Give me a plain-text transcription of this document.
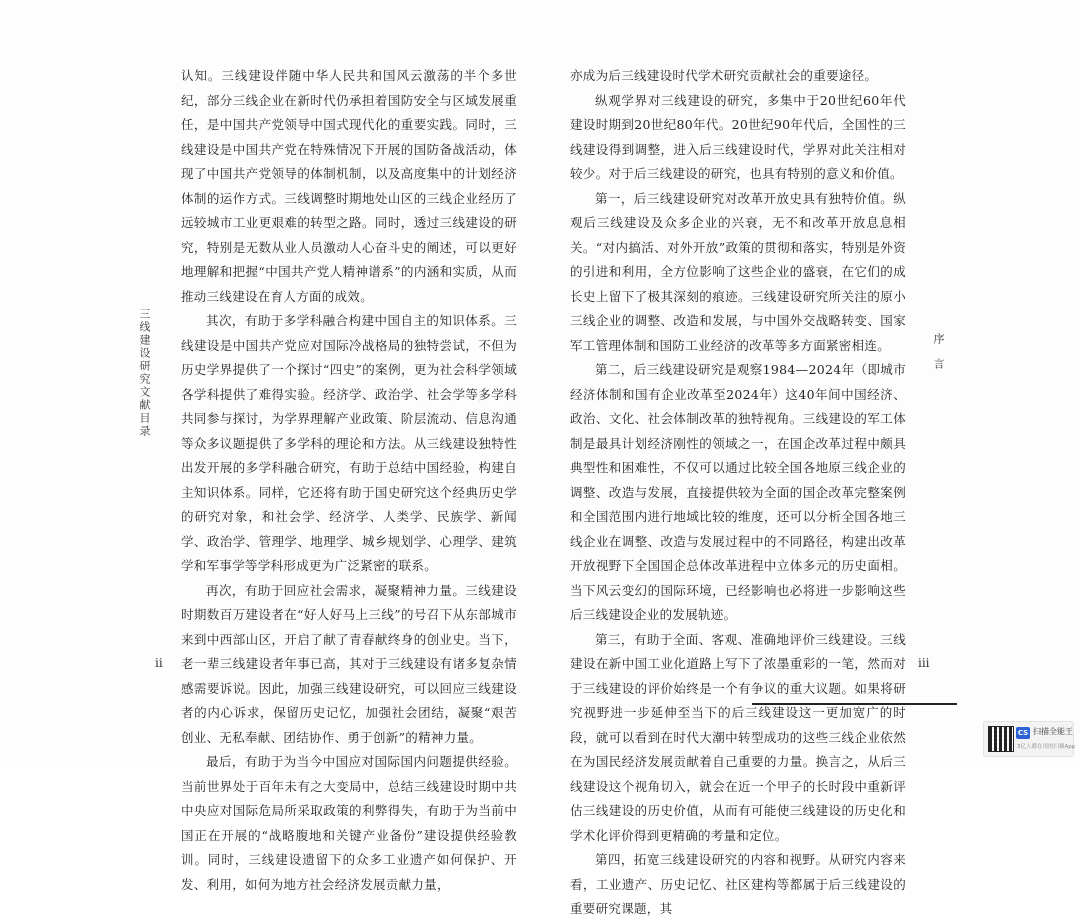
三线建设研究文献目录

认知。三线建设伴随中华人民共和国风云激荡的半个多世纪，部分三线企业在新时代仍承担着国防安全与区域发展重任，是中国共产党领导中国式现代化的重要实践。同时，三线建设是中国共产党在特殊情况下开展的国防备战活动，体现了中国共产党领导的体制机制，以及高度集中的计划经济体制的运作方式。三线调整时期地处山区的三线企业经历了远较城市工业更艰难的转型之路。同时，透过三线建设的研究，特别是无数从业人员激动人心奋斗史的阐述，可以更好地理解和把握“中国共产党人精神谱系”的内涵和实质，从而推动三线建设在育人方面的成效。

其次，有助于多学科融合构建中国自主的知识体系。三线建设是中国共产党应对国际冷战格局的独特尝试，不但为历史学界提供了一个探讨“四史”的案例，更为社会科学领域各学科提供了难得实验。经济学、政治学、社会学等多学科共同参与探讨，为学界理解产业政策、阶层流动、信息沟通等众多议题提供了多学科的理论和方法。从三线建设独特性出发开展的多学科融合研究，有助于总结中国经验，构建自主知识体系。同样，它还将有助于国史研究这个经典历史学的研究对象，和社会学、经济学、人类学、民族学、新闻学、政治学、管理学、地理学、城乡规划学、心理学、建筑学和军事学等学科形成更为广泛紧密的联系。

再次，有助于回应社会需求，凝聚精神力量。三线建设时期数百万建设者在“好人好马上三线”的号召下从东部城市来到中西部山区，开启了献了青春献终身的创业史。当下，老一辈三线建设者年事已高，其对于三线建设有诸多复杂情感需要诉说。因此，加强三线建设研究，可以回应三线建设者的内心诉求，保留历史记忆，加强社会团结，凝聚“艰苦创业、无私奉献、团结协作、勇于创新”的精神力量。

最后，有助于为当今中国应对国际国内问题提供经验。当前世界处于百年未有之大变局中，总结三线建设时期中共中央应对国际危局所采取政策的利弊得失，有助于为当前中国正在开展的“战略腹地和关键产业备份”建设提供经验教训。同时，三线建设遗留下的众多工业遗产如何保护、开发、利用，如何为地方社会经济发展贡献力量，

ii

亦成为后三线建设时代学术研究贡献社会的重要途径。

纵观学界对三线建设的研究，多集中于20世纪60年代建设时期到20世纪80年代。20世纪90年代后，全国性的三线建设得到调整，进入后三线建设时代，学界对此关注相对较少。对于后三线建设的研究，也具有特别的意义和价值。

第一，后三线建设研究对改革开放史具有独特价值。纵观后三线建设及众多企业的兴衰，无不和改革开放息息相关。“对内搞活、对外开放”政策的贯彻和落实，特别是外资的引进和利用，全方位影响了这些企业的盛衰，在它们的成长史上留下了极其深刻的痕迹。三线建设研究所关注的原小三线企业的调整、改造和发展，与中国外交战略转变、国家军工管理体制和国防工业经济的改革等多方面紧密相连。

第二，后三线建设研究是观察1984—2024年（即城市经济体制和国有企业改革至2024年）这40年间中国经济、政治、文化、社会体制改革的独特视角。三线建设的军工体制是最具计划经济刚性的领域之一，在国企改革过程中颇具典型性和困难性，不仅可以通过比较全国各地原三线企业的调整、改造与发展，直接提供较为全面的国企改革完整案例和全国范围内进行地域比较的维度，还可以分析全国各地三线企业在调整、改造与发展过程中的不同路径，构建出改革开放视野下全国国企总体改革进程中立体多元的历史面相。当下风云变幻的国际环境，已经影响也必将进一步影响这些后三线建设企业的发展轨迹。

第三，有助于全面、客观、准确地评价三线建设。三线建设在新中国工业化道路上写下了浓墨重彩的一笔，然而对于三线建设的评价始终是一个有争议的重大议题。如果将研究视野进一步延伸至当下的后三线建设这一更加宽广的时段，就可以看到在时代大潮中转型成功的这些三线企业依然在为国民经济发展贡献着自己重要的力量。换言之，从后三线建设这个视角切入，就会在近一个甲子的长时段中重新评估三线建设的历史价值，从而有可能使三线建设的历史化和学术化评价得到更精确的考量和定位。

第四，拓宽三线建设研究的内容和视野。从研究内容来看，工业遗产、历史记忆、社区建构等都属于后三线建设的重要研究课题，其

序言
iii
CS 扫描全能王
3亿人都在用的扫描App
